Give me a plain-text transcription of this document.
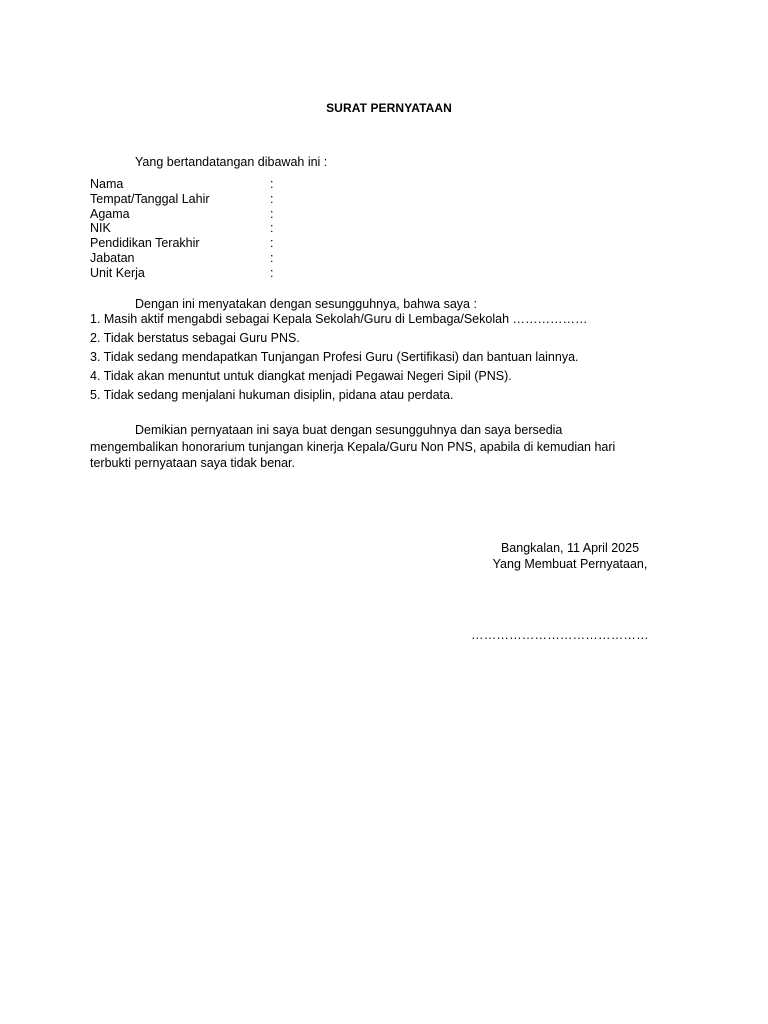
SURAT PERNYATAAN
Yang bertandatangan dibawah ini :
Nama	:
Tempat/Tanggal Lahir	:
Agama	:
NIK	:
Pendidikan Terakhir	:
Jabatan	:
Unit Kerja	:
Dengan ini menyatakan dengan sesungguhnya, bahwa saya :
1. Masih aktif mengabdi sebagai Kepala Sekolah/Guru di Lembaga/Sekolah ………………
2. Tidak berstatus sebagai Guru PNS.
3. Tidak sedang mendapatkan Tunjangan Profesi Guru (Sertifikasi) dan bantuan lainnya.
4. Tidak akan menuntut untuk diangkat menjadi Pegawai Negeri Sipil (PNS).
5. Tidak sedang menjalani hukuman disiplin, pidana atau perdata.
Demikian pernyataan ini saya buat dengan sesungguhnya dan saya bersedia
mengembalikan honorarium tunjangan kinerja Kepala/Guru Non PNS, apabila di kemudian hari
terbukti pernyataan saya tidak benar.
Bangkalan, 11 April 2025
Yang Membuat Pernyataan,
……………………………………
